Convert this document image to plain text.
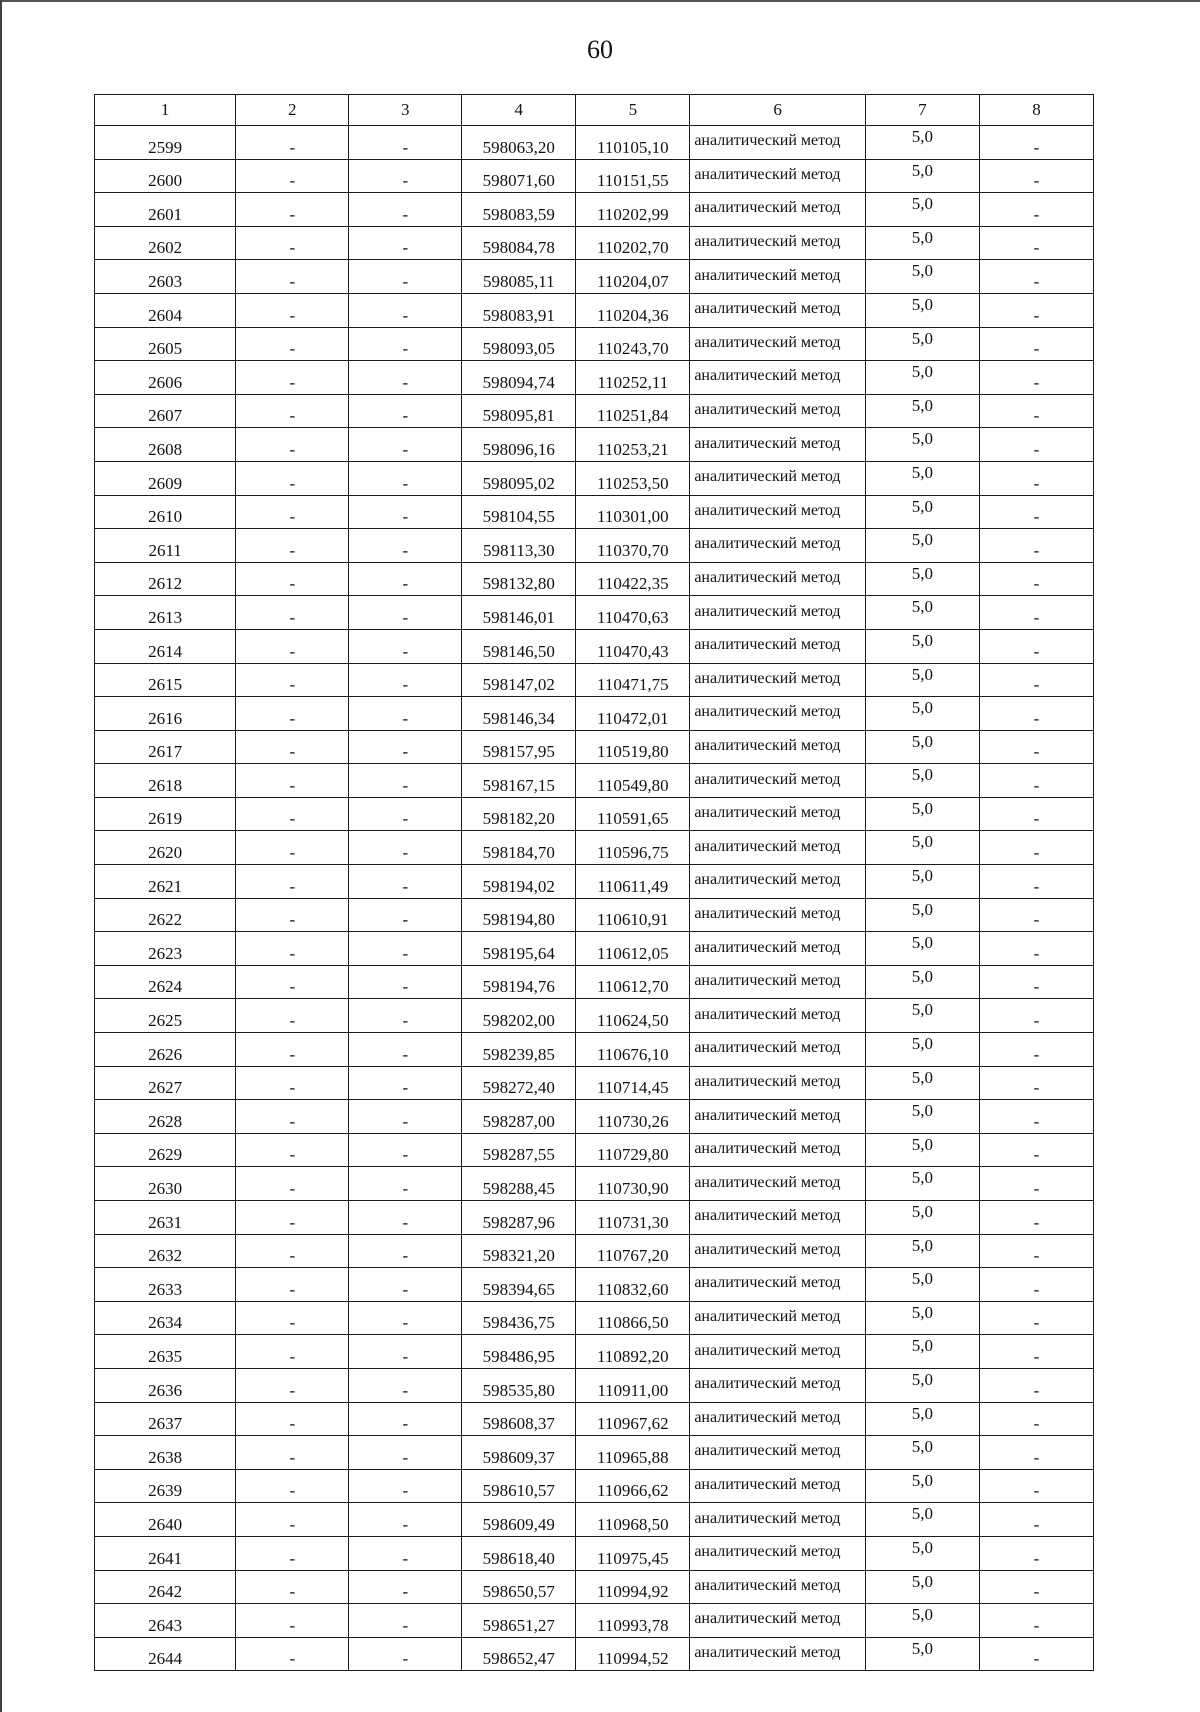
60
1	2	3	4	5	6	7	8
2599	-	-	598063,20	110105,10	аналитический метод	5,0	-
2600	-	-	598071,60	110151,55	аналитический метод	5,0	-
2601	-	-	598083,59	110202,99	аналитический метод	5,0	-
2602	-	-	598084,78	110202,70	аналитический метод	5,0	-
2603	-	-	598085,11	110204,07	аналитический метод	5,0	-
2604	-	-	598083,91	110204,36	аналитический метод	5,0	-
2605	-	-	598093,05	110243,70	аналитический метод	5,0	-
2606	-	-	598094,74	110252,11	аналитический метод	5,0	-
2607	-	-	598095,81	110251,84	аналитический метод	5,0	-
2608	-	-	598096,16	110253,21	аналитический метод	5,0	-
2609	-	-	598095,02	110253,50	аналитический метод	5,0	-
2610	-	-	598104,55	110301,00	аналитический метод	5,0	-
2611	-	-	598113,30	110370,70	аналитический метод	5,0	-
2612	-	-	598132,80	110422,35	аналитический метод	5,0	-
2613	-	-	598146,01	110470,63	аналитический метод	5,0	-
2614	-	-	598146,50	110470,43	аналитический метод	5,0	-
2615	-	-	598147,02	110471,75	аналитический метод	5,0	-
2616	-	-	598146,34	110472,01	аналитический метод	5,0	-
2617	-	-	598157,95	110519,80	аналитический метод	5,0	-
2618	-	-	598167,15	110549,80	аналитический метод	5,0	-
2619	-	-	598182,20	110591,65	аналитический метод	5,0	-
2620	-	-	598184,70	110596,75	аналитический метод	5,0	-
2621	-	-	598194,02	110611,49	аналитический метод	5,0	-
2622	-	-	598194,80	110610,91	аналитический метод	5,0	-
2623	-	-	598195,64	110612,05	аналитический метод	5,0	-
2624	-	-	598194,76	110612,70	аналитический метод	5,0	-
2625	-	-	598202,00	110624,50	аналитический метод	5,0	-
2626	-	-	598239,85	110676,10	аналитический метод	5,0	-
2627	-	-	598272,40	110714,45	аналитический метод	5,0	-
2628	-	-	598287,00	110730,26	аналитический метод	5,0	-
2629	-	-	598287,55	110729,80	аналитический метод	5,0	-
2630	-	-	598288,45	110730,90	аналитический метод	5,0	-
2631	-	-	598287,96	110731,30	аналитический метод	5,0	-
2632	-	-	598321,20	110767,20	аналитический метод	5,0	-
2633	-	-	598394,65	110832,60	аналитический метод	5,0	-
2634	-	-	598436,75	110866,50	аналитический метод	5,0	-
2635	-	-	598486,95	110892,20	аналитический метод	5,0	-
2636	-	-	598535,80	110911,00	аналитический метод	5,0	-
2637	-	-	598608,37	110967,62	аналитический метод	5,0	-
2638	-	-	598609,37	110965,88	аналитический метод	5,0	-
2639	-	-	598610,57	110966,62	аналитический метод	5,0	-
2640	-	-	598609,49	110968,50	аналитический метод	5,0	-
2641	-	-	598618,40	110975,45	аналитический метод	5,0	-
2642	-	-	598650,57	110994,92	аналитический метод	5,0	-
2643	-	-	598651,27	110993,78	аналитический метод	5,0	-
2644	-	-	598652,47	110994,52	аналитический метод	5,0	-
